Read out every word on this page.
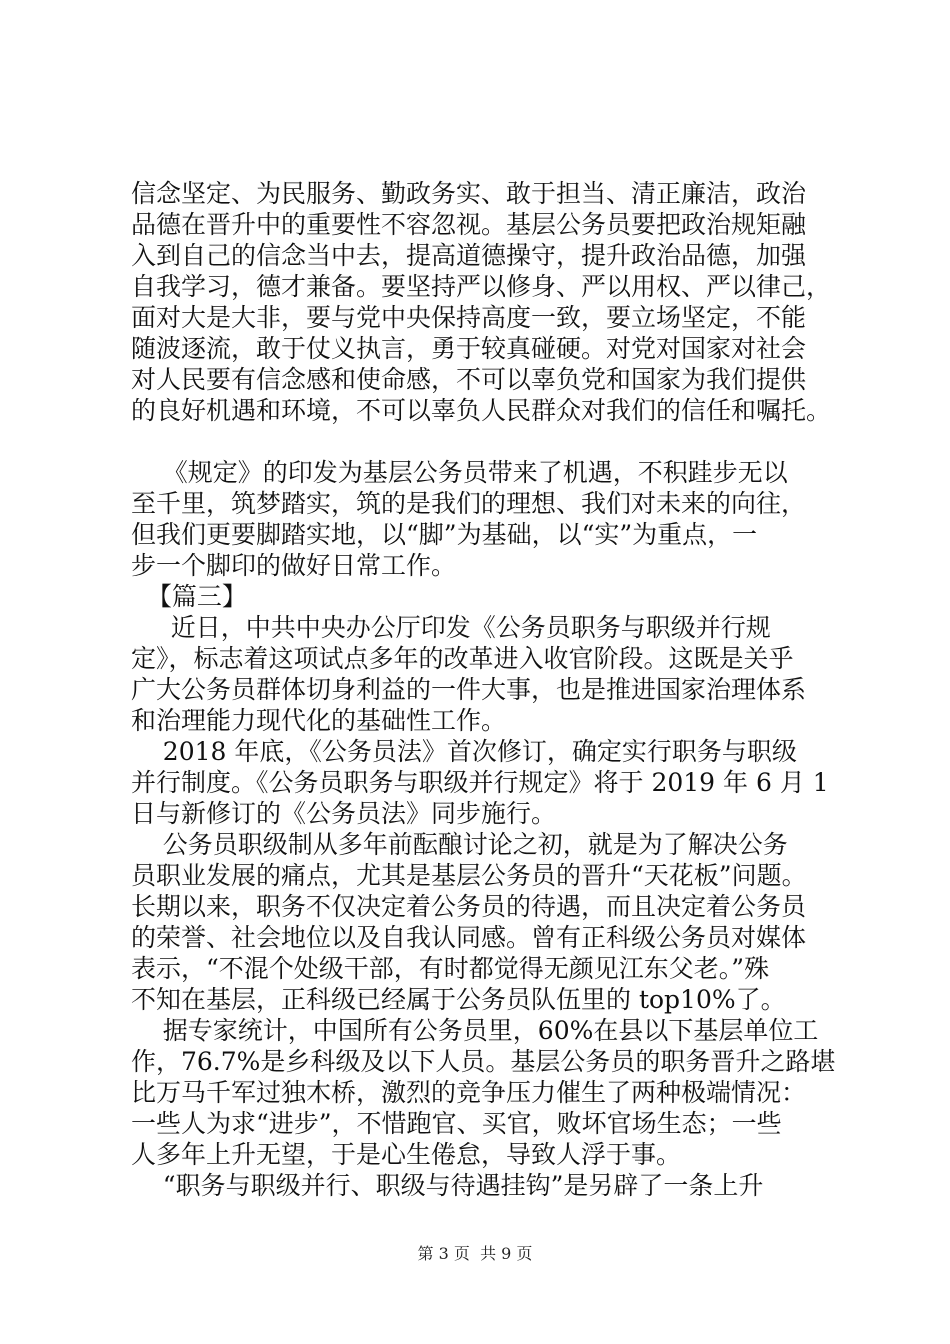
信念坚定、为民服务、勤政务实、敢于担当、清正廉洁，政治
品德在晋升中的重要性不容忽视。基层公务员要把政治规矩融
入到自己的信念当中去，提高道德操守，提升政治品德，加强
自我学习，德才兼备。要坚持严以修身、严以用权、严以律己，
面对大是大非，要与党中央保持高度一致，要立场坚定，不能
随波逐流，敢于仗义执言，勇于较真碰硬。对党对国家对社会
对人民要有信念感和使命感，不可以辜负党和国家为我们提供
的良好机遇和环境，不可以辜负人民群众对我们的信任和嘱托。
《规定》的印发为基层公务员带来了机遇，不积跬步无以
至千里，筑梦踏实，筑的是我们的理想、我们对未来的向往，
但我们更要脚踏实地，以“脚”为基础，以“实”为重点，一
步一个脚印的做好日常工作。
【篇三】
近日，中共中央办公厅印发《公务员职务与职级并行规
定》，标志着这项试点多年的改革进入收官阶段。这既是关乎
广大公务员群体切身利益的一件大事，也是推进国家治理体系
和治理能力现代化的基础性工作。
2018 年底，《公务员法》首次修订，确定实行职务与职级
并行制度。《公务员职务与职级并行规定》将于 2019 年 6 月 1
日与新修订的《公务员法》同步施行。
公务员职级制从多年前酝酿讨论之初，就是为了解决公务
员职业发展的痛点，尤其是基层公务员的晋升“天花板”问题。
长期以来，职务不仅决定着公务员的待遇，而且决定着公务员
的荣誉、社会地位以及自我认同感。曾有正科级公务员对媒体
表示，“不混个处级干部，有时都觉得无颜见江东父老。”殊
不知在基层，正科级已经属于公务员队伍里的 top10%了。
据专家统计，中国所有公务员里，60%在县以下基层单位工
作，76.7%是乡科级及以下人员。基层公务员的职务晋升之路堪
比万马千军过独木桥，激烈的竞争压力催生了两种极端情况：
一些人为求“进步”，不惜跑官、买官，败坏官场生态；一些
人多年上升无望，于是心生倦怠，导致人浮于事。
“职务与职级并行、职级与待遇挂钩”是另辟了一条上升
第 3 页  共 9 页
